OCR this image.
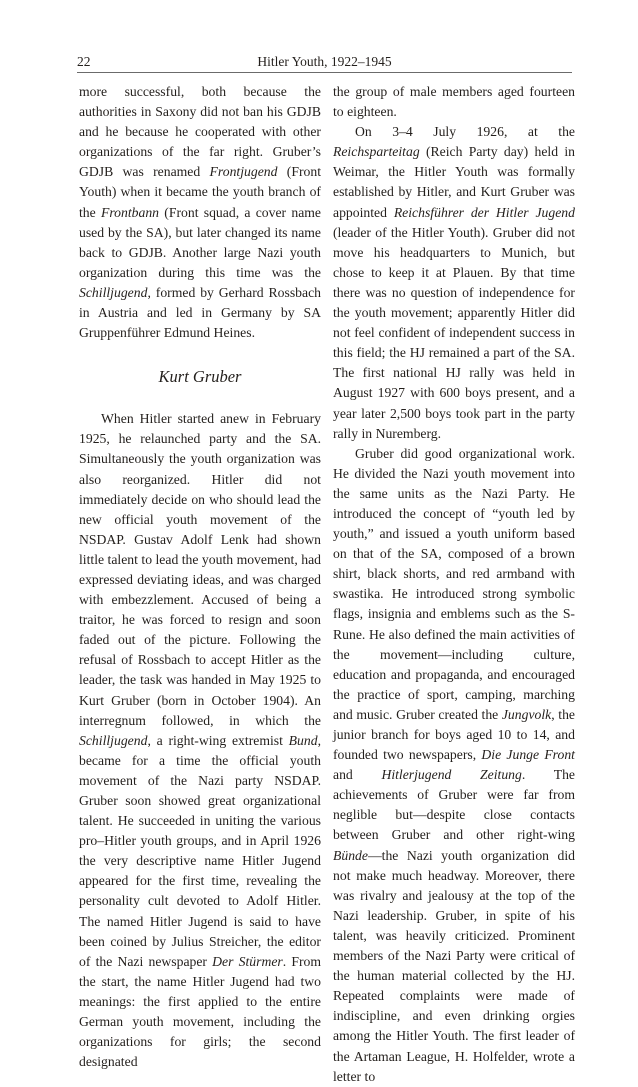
22	Hitler Youth, 1922–1945

more successful, both because the authorities in Saxony did not ban his GDJB and he because he cooperated with other organizations of the far right. Gruber’s GDJB was renamed Frontjugend (Front Youth) when it became the youth branch of the Frontbann (Front squad, a cover name used by the SA), but later changed its name back to GDJB. Another large Nazi youth organization during this time was the Schilljugend, formed by Gerhard Rossbach in Austria and led in Germany by SA Gruppenführer Edmund Heines.

Kurt Gruber

When Hitler started anew in February 1925, he relaunched party and the SA. Simultaneously the youth organization was also reorganized. Hitler did not immediately decide on who should lead the new official youth movement of the NSDAP. Gustav Adolf Lenk had shown little talent to lead the youth movement, had expressed deviating ideas, and was charged with embezzlement. Accused of being a traitor, he was forced to resign and soon faded out of the picture. Following the refusal of Rossbach to accept Hitler as the leader, the task was handed in May 1925 to Kurt Gruber (born in October 1904). An interregnum followed, in which the Schilljugend, a right-wing extremist Bund, became for a time the official youth movement of the Nazi party NSDAP. Gruber soon showed great organizational talent. He succeeded in uniting the various pro–Hitler youth groups, and in April 1926 the very descriptive name Hitler Jugend appeared for the first time, revealing the personality cult devoted to Adolf Hitler. The named Hitler Jugend is said to have been coined by Julius Streicher, the editor of the Nazi newspaper Der Stürmer. From the start, the name Hitler Jugend had two meanings: the first applied to the entire German youth movement, including the organizations for girls; the second designated

the group of male members aged fourteen to eighteen.

On 3–4 July 1926, at the Reichsparteitag (Reich Party day) held in Weimar, the Hitler Youth was formally established by Hitler, and Kurt Gruber was appointed Reichsführer der Hitler Jugend (leader of the Hitler Youth). Gruber did not move his headquarters to Munich, but chose to keep it at Plauen. By that time there was no question of independence for the youth movement; apparently Hitler did not feel confident of independent success in this field; the HJ remained a part of the SA. The first national HJ rally was held in August 1927 with 600 boys present, and a year later 2,500 boys took part in the party rally in Nuremberg.

Gruber did good organizational work. He divided the Nazi youth movement into the same units as the Nazi Party. He introduced the concept of “youth led by youth,” and issued a youth uniform based on that of the SA, composed of a brown shirt, black shorts, and red armband with swastika. He introduced strong symbolic flags, insignia and emblems such as the S-Rune. He also defined the main activities of the movement—including culture, education and propaganda, and encouraged the practice of sport, camping, marching and music. Gruber created the Jungvolk, the junior branch for boys aged 10 to 14, and founded two newspapers, Die Junge Front and Hitlerjugend Zeitung. The achievements of Gruber were far from neglible but—despite close contacts between Gruber and other right-wing Bünde—the Nazi youth organization did not make much headway. Moreover, there was rivalry and jealousy at the top of the Nazi leadership. Gruber, in spite of his talent, was heavily criticized. Prominent members of the Nazi Party were critical of the human material collected by the HJ. Repeated complaints were made of indiscipline, and even drinking orgies among the Hitler Youth. The first leader of the Artaman League, H. Holfelder, wrote a letter to
